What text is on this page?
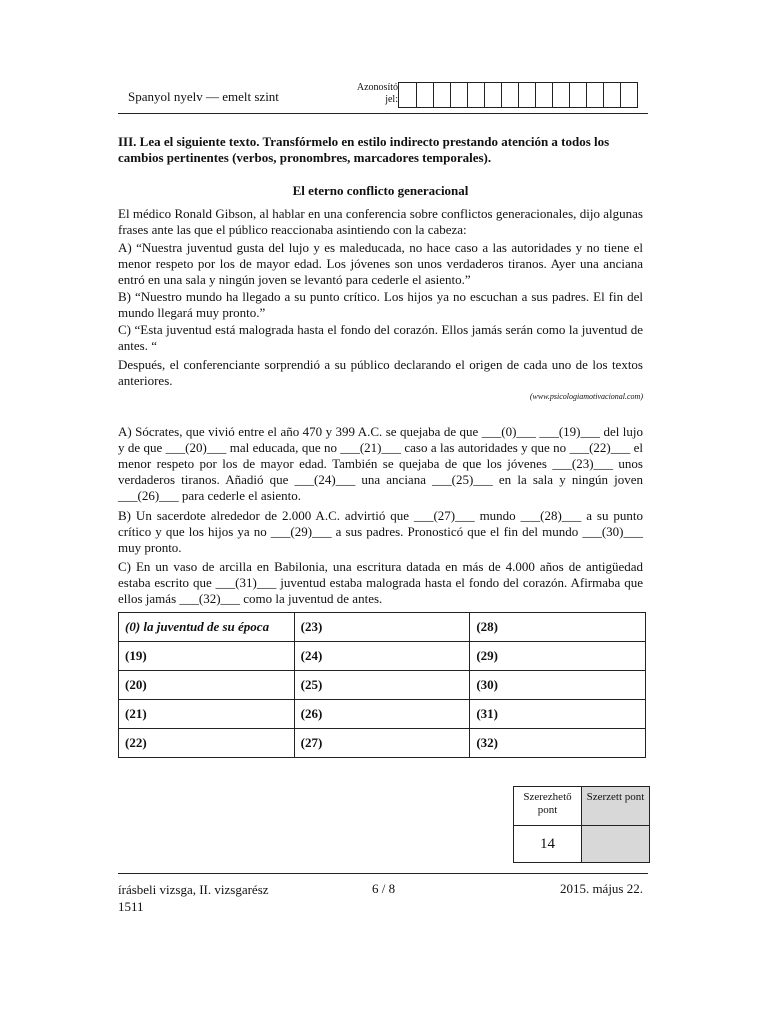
Spanyol nyelv — emelt szint
Azonosító
jel:
III. Lea el siguiente texto. Transfórmelo en estilo indirecto prestando atención a todos los cambios pertinentes (verbos, pronombres, marcadores temporales).
El eterno conflicto generacional
El médico Ronald Gibson, al hablar en una conferencia sobre conflictos generacionales, dijo algunas frases ante las que el público reaccionaba asintiendo con la cabeza:
A) “Nuestra juventud gusta del lujo y es maleducada, no hace caso a las autoridades y no tiene el menor respeto por los de mayor edad. Los jóvenes son unos verdaderos tiranos. Ayer una anciana entró en una sala y ningún joven se levantó para cederle el asiento.”
B) “Nuestro mundo ha llegado a su punto crítico. Los hijos ya no escuchan a sus padres. El fin del mundo llegará muy pronto.”
C) “Esta juventud está malograda hasta el fondo del corazón. Ellos jamás serán como la juventud de antes. “
Después, el conferenciante sorprendió a su público declarando el origen de cada uno de los textos anteriores.
(www.psicologiamotivacional.com)
A) Sócrates, que vivió entre el año 470 y 399 A.C. se quejaba de que ___(0)___ ___(19)___ del lujo y de que ___(20)___ mal educada, que no ___(21)___ caso a las autoridades y que no ___(22)___ el menor respeto por los de mayor edad. También se quejaba de que los jóvenes ___(23)___ unos verdaderos tiranos. Añadió que ___(24)___ una anciana ___(25)___ en la sala y ningún joven ___(26)___ para cederle el asiento.
B) Un sacerdote alrededor de 2.000 A.C. advirtió que ___(27)___ mundo ___(28)___ a su punto crítico y que los hijos ya no ___(29)___ a sus padres. Pronosticó que el fin del mundo ___(30)___ muy pronto.
C) En un vaso de arcilla en Babilonia, una escritura datada en más de 4.000 años de antigüedad estaba escrito que ___(31)___ juventud estaba malograda hasta el fondo del corazón. Afirmaba que ellos jamás ___(32)___ como la juventud de antes.
(0) la juventud de su época	(23)	(28)
(19)	(24)	(29)
(20)	(25)	(30)
(21)	(26)	(31)
(22)	(27)	(32)
Szerezhető pont	Szerzett pont
14	
írásbeli vizsga, II. vizsgarész
1511
6 / 8	2015. május 22.
